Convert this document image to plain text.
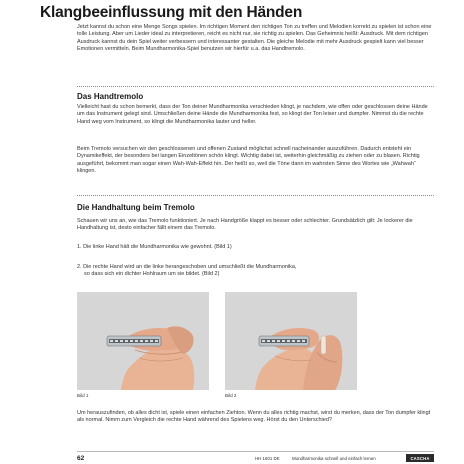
Klangbeeinflussung mit den Händen

Jetzt kannst du schon eine Menge Songs spielen. Im richtigen Moment den richtigen Ton zu treffen und Melodien korrekt zu spielen ist schon eine tolle Leistung. Aber um Lieder ideal zu interpretieren, reicht es nicht nur, sie richtig zu spielen. Das Geheimnis heißt: Ausdruck. Mit dem richtigen Ausdruck kannst du dein Spiel weiter verbessern und interessanter gestalten. Die gleiche Melodie mit mehr Ausdruck gespielt kann viel besser Emotionen vermitteln. Beim Mundharmonika-Spiel benutzen wir hierfür u.a. das Handtremolo.

Das Handtremolo

Vielleicht hast du schon bemerkt, dass der Ton deiner Mundharmonika verschieden klingt, je nachdem, wie offen oder geschlossen deine Hände um das Instrument gelegt sind. Umschließen deine Hände die Mundharmonika fest, so klingt der Ton leiser und dumpfer. Nimmst du die rechte Hand weg vom Instrument, so klingt die Mundharmonika lauter und heller.

Beim Tremolo versuchen wir den geschlossenen und offenen Zustand möglichst schnell nacheinander auszuführen. Dadurch entsteht ein Dynamikeffekt, der besonders bei langen Einzeltönen schön klingt. Wichtig dabei ist, weiterhin gleichmäßig zu ziehen oder zu blasen. Richtig ausgeführt, bekommt man sogar einen Wah-Wah-Effekt hin. Der heißt so, weil die Töne dann im wahrsten Sinne des Wortes wie „Wahwah“ klingen.

Die Handhaltung beim Tremolo

Schauen wir uns an, wie das Tremolo funktioniert. Je nach Handgröße klappt es besser oder schlechter. Grundsätzlich gilt: Je lockerer die Handhaltung ist, desto einfacher fällt einem das Tremolo.

1. Die linke Hand hält die Mundharmonika wie gewohnt. (Bild 1)

2. Die rechte Hand wird an die linke herangeschoben und umschließt die Mundharmonika,

so dass sich ein dichter Hohlraum um sie bildet. (Bild 2)

Bild 1	Bild 2

Um herauszufinden, ob alles dicht ist, spiele einen einfachen Ziehton. Wenn du alles richtig machst, wirst du merken, dass der Ton dumpfer klingt als normal. Nimm zum Vergleich die rechte Hand während des Spielens weg. Hörst du den Unterschied?

62	HH 1601 DE	Mundharmonika schnell und einfach lernen	CASCHA
